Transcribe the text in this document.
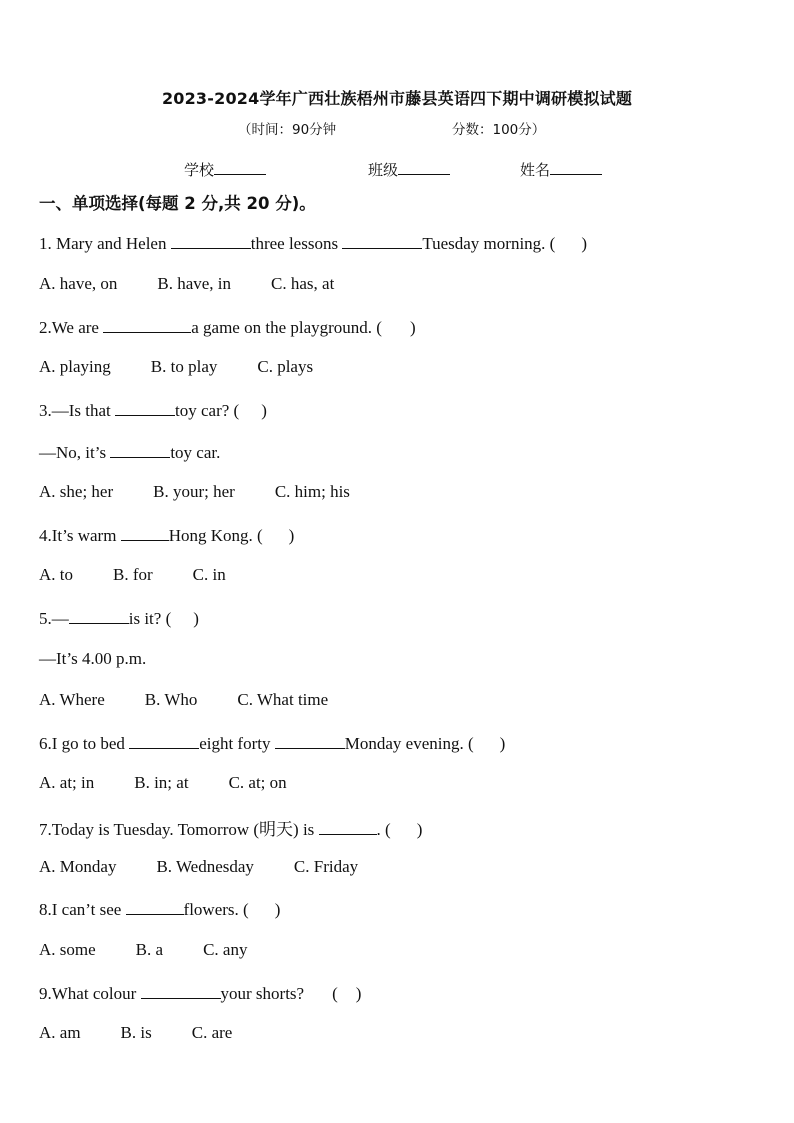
2023-2024学年广西壮族梧州市藤县英语四下期中调研模拟试题
（时间：90分钟	分数：100分）
学校	班级	姓名
一、单项选择(每题 2 分,共 20 分)。
1. Mary and Helen	three lessons	Tuesday morning. ( )
A. have, on B. have, in C. has, at
2.We are	a game on the playground. ( )
A. playing B. to play C. plays
3.—Is that	toy car? ( )
—No, it’s	toy car.
A. she; her B. your; her C. him; his
4.It’s warm	Hong Kong. ( )
A. to B. for C. in
5.—	is it? ( )
—It’s 4.00 p.m.
A. Where B. Who C. What time
6.I go to bed	eight forty	Monday evening. ( )
A. at; in B. in; at C. at; on
7.Today is Tuesday. Tomorrow (明天) is	. ( )
A. Monday B. Wednesday C. Friday
8.I can’t see	flowers. ( )
A. some B. a C. any
9.What colour	your shorts? ( )
A. am B. is C. are
